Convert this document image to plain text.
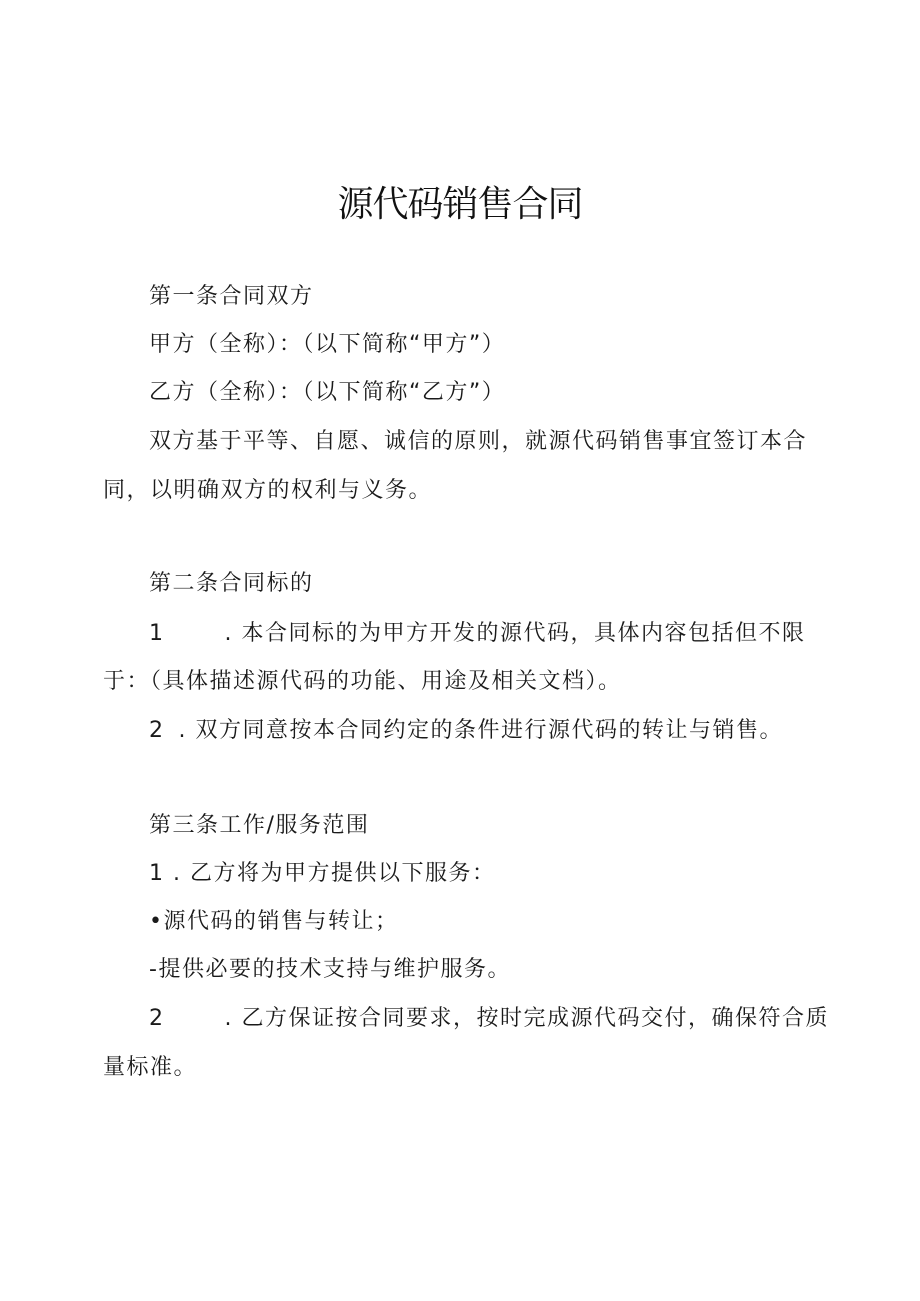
源代码销售合同
第一条合同双方
甲方（全称）：（以下简称“甲方”）
乙方（全称）：（以下简称“乙方”）
双方基于平等、自愿、诚信的原则，就源代码销售事宜签订本合
同，以明确双方的权利与义务。
第二条合同标的
1	. 本合同标的为甲方开发的源代码，具体内容包括但不限
于：（具体描述源代码的功能、用途及相关文档）。
2 . 双方同意按本合同约定的条件进行源代码的转让与销售。
第三条工作/服务范围
1 . 乙方将为甲方提供以下服务：
•源代码的销售与转让；
-提供必要的技术支持与维护服务。
2	. 乙方保证按合同要求，按时完成源代码交付，确保符合质
量标准。
